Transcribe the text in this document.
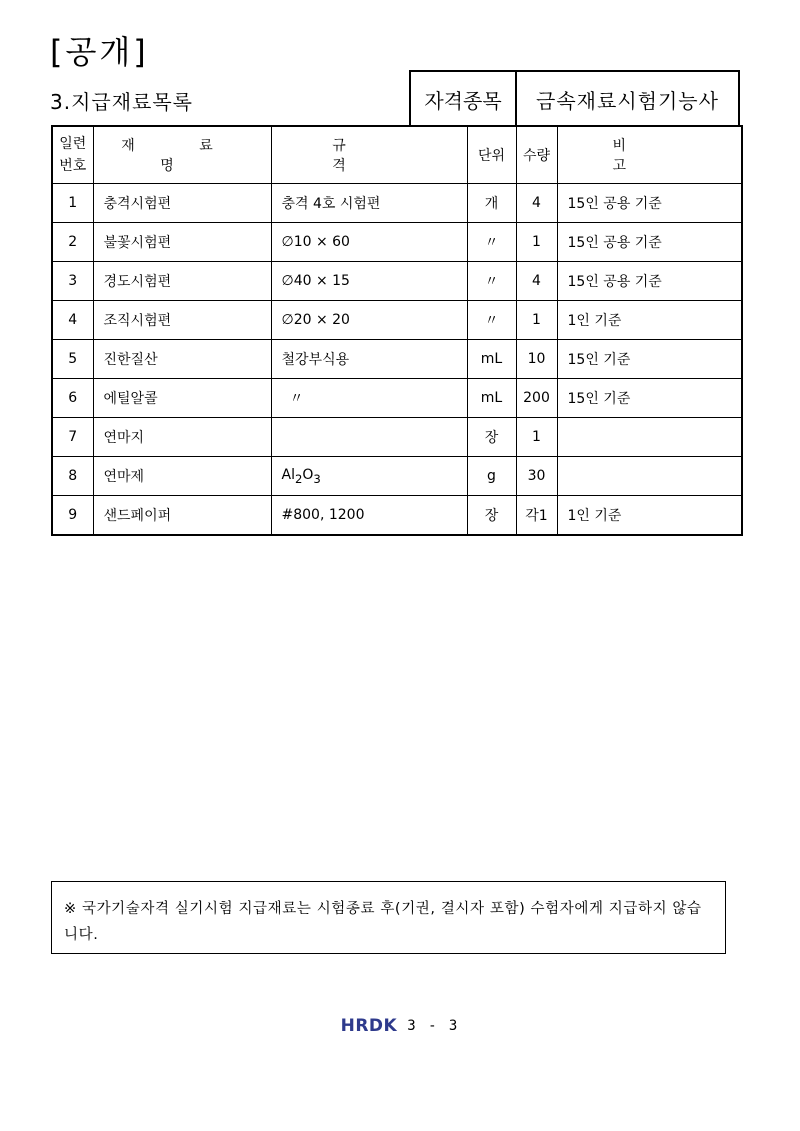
[공개]
3.지급재료목록	자격종목	금속재료시험기능사
일련
번호	재 료 명	규 격	단위	수량	비 고
1	충격시험편	충격 4호 시험편	개	4	15인 공용 기준
2	불꽃시험편	∅10 × 60	〃	1	15인 공용 기준
3	경도시험편	∅40 × 15	〃	4	15인 공용 기준
4	조직시험편	∅20 × 20	〃	1	1인 기준
5	진한질산	철강부식용	mL	10	15인 기준
6	에틸알콜	〃	mL	200	15인 기준
7	연마지		장	1	
8	연마제	$Al_2O_3$	g	30	
9	샌드페이퍼	#800, 1200	장	각1	1인 기준
※ 국가기술자격 실기시험 지급재료는 시험종료 후(기권, 결시자 포함) 수험자에게 지급하지 않습니다.
HRDK 3 - 3
